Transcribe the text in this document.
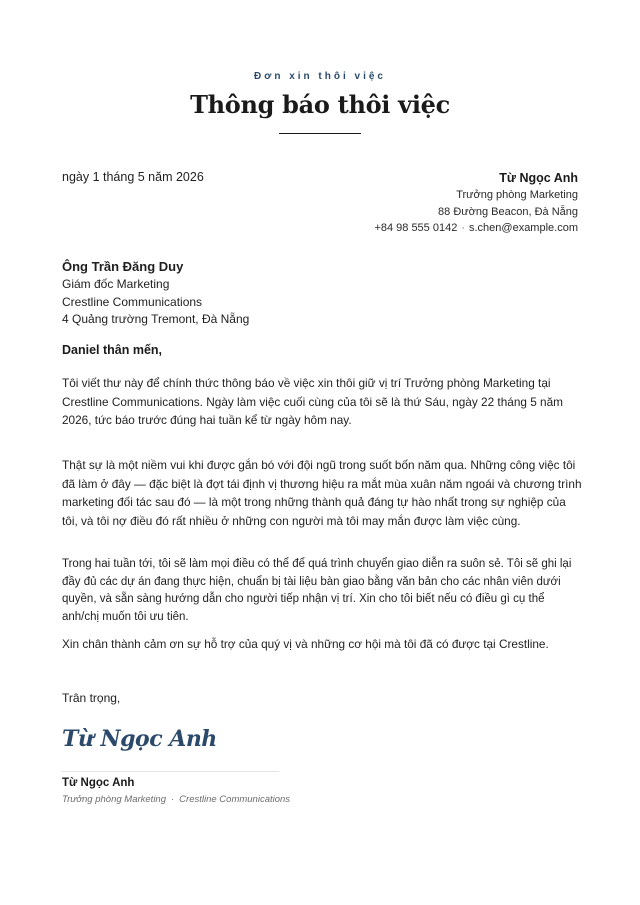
Đơn xin thôi việc
Thông báo thôi việc
ngày 1 tháng 5 năm 2026	Từ Ngọc Anh
Trưởng phòng Marketing
88 Đường Beacon, Đà Nẵng
+84 98 555 0142 · s.chen@example.com
Ông Trần Đăng Duy
Giám đốc Marketing
Crestline Communications
4 Quảng trường Tremont, Đà Nẵng
Daniel thân mến,
Tôi viết thư này để chính thức thông báo về việc xin thôi giữ vị trí Trưởng phòng Marketing tại Crestline Communications. Ngày làm việc cuối cùng của tôi sẽ là thứ Sáu, ngày 22 tháng 5 năm 2026, tức báo trước đúng hai tuần kể từ ngày hôm nay.
Thật sự là một niềm vui khi được gắn bó với đội ngũ trong suốt bốn năm qua. Những công việc tôi đã làm ở đây — đặc biệt là đợt tái định vị thương hiệu ra mắt mùa xuân năm ngoái và chương trình marketing đối tác sau đó — là một trong những thành quả đáng tự hào nhất trong sự nghiệp của tôi, và tôi nợ điều đó rất nhiều ở những con người mà tôi may mắn được làm việc cùng.
Trong hai tuần tới, tôi sẽ làm mọi điều có thể để quá trình chuyển giao diễn ra suôn sẻ. Tôi sẽ ghi lại đầy đủ các dự án đang thực hiện, chuẩn bị tài liệu bàn giao bằng văn bản cho các nhân viên dưới quyền, và sẵn sàng hướng dẫn cho người tiếp nhận vị trí. Xin cho tôi biết nếu có điều gì cụ thể anh/chị muốn tôi ưu tiên.
Xin chân thành cảm ơn sự hỗ trợ của quý vị và những cơ hội mà tôi đã có được tại Crestline.
Trân trọng,
Từ Ngọc Anh
Từ Ngọc Anh
Trưởng phòng Marketing · Crestline Communications
